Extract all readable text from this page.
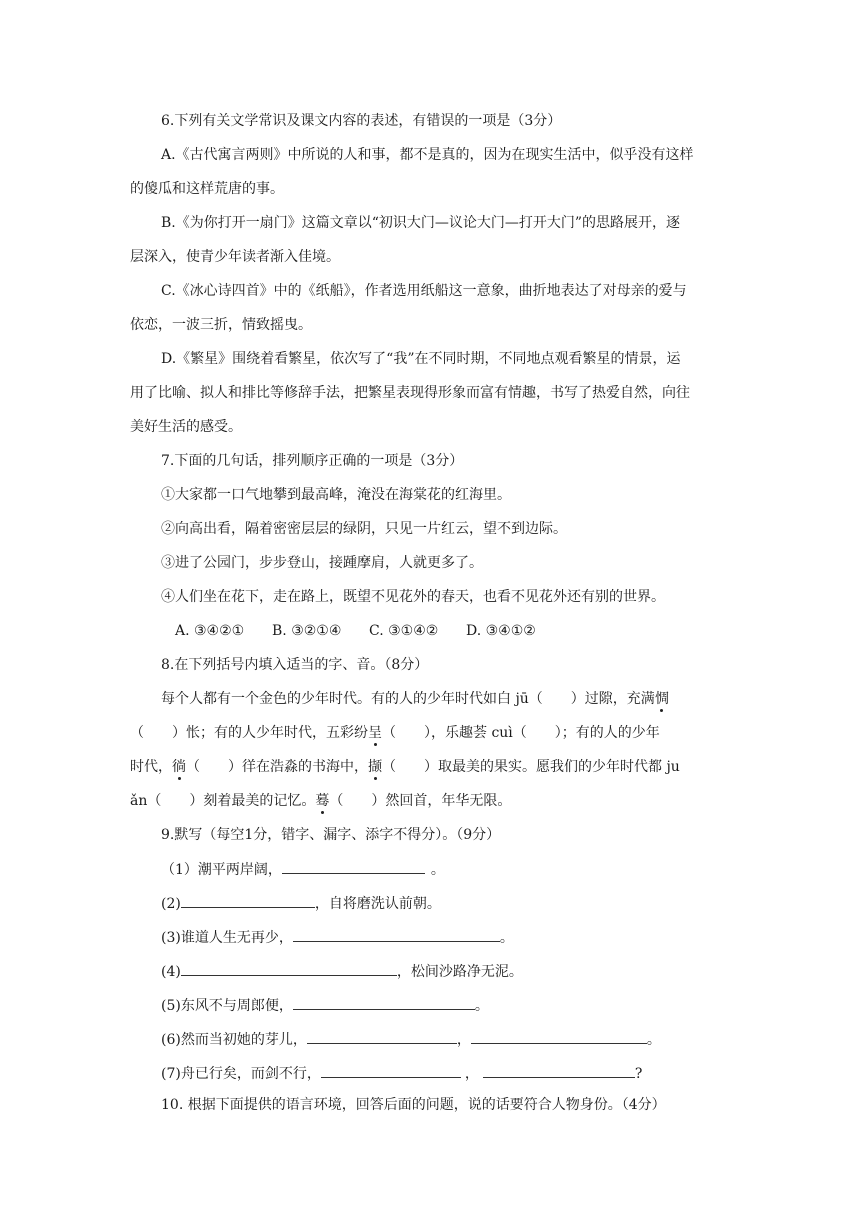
6.下列有关文学常识及课文内容的表述，有错误的一项是（3分）
A.《古代寓言两则》中所说的人和事，都不是真的，因为在现实生活中，似乎没有这样
的傻瓜和这样荒唐的事。
B.《为你打开一扇门》这篇文章以“初识大门—议论大门—打开大门”的思路展开，逐
层深入，使青少年读者渐入佳境。
C.《冰心诗四首》中的《纸船》，作者选用纸船这一意象，曲折地表达了对母亲的爱与
依恋，一波三折，情致摇曳。
D.《繁星》围绕着看繁星，依次写了“我”在不同时期，不同地点观看繁星的情景，运
用了比喻、拟人和排比等修辞手法，把繁星表现得形象而富有情趣，书写了热爱自然，向往
美好生活的感受。
7.下面的几句话，排列顺序正确的一项是（3分）
①大家都一口气地攀到最高峰，淹没在海棠花的红海里。
②向高出看，隔着密密层层的绿阴，只见一片红云，望不到边际。
③进了公园门，步步登山，接踵摩肩，人就更多了。
④人们坐在花下，走在路上，既望不见花外的春天，也看不见花外还有别的世界。
A. ③④②① B. ③②①④ C. ③①④② D. ③④①②
8.在下列括号内填入适当的字、音。（8分）
每个人都有一个金色的少年时代。有的人的少年时代如白 jū（　　）过隙，充满惆
（　　）怅；有的人少年时代，五彩纷呈（　　），乐趣荟 cuì（　　）；有的人的少年
时代，徜（　　）徉在浩淼的书海中，撷（　　）取最美的果实。愿我们的少年时代都 ju
ǎn（　　）刻着最美的记忆。蓦（　　）然回首，年华无限。
9.默写（每空1分，错字、漏字、添字不得分）。（9分）
（1）潮平两岸阔，	。
(2)	，自将磨洗认前朝。
(3)谁道人生无再少，	。
(4)	，松间沙路净无泥。
(5)东风不与周郎便，	。
(6)然而当初她的芽儿，	，	。
(7)舟已行矣，而剑不行，	，	?
10. 根据下面提供的语言环境，回答后面的问题，说的话要符合人物身份。（4分）
